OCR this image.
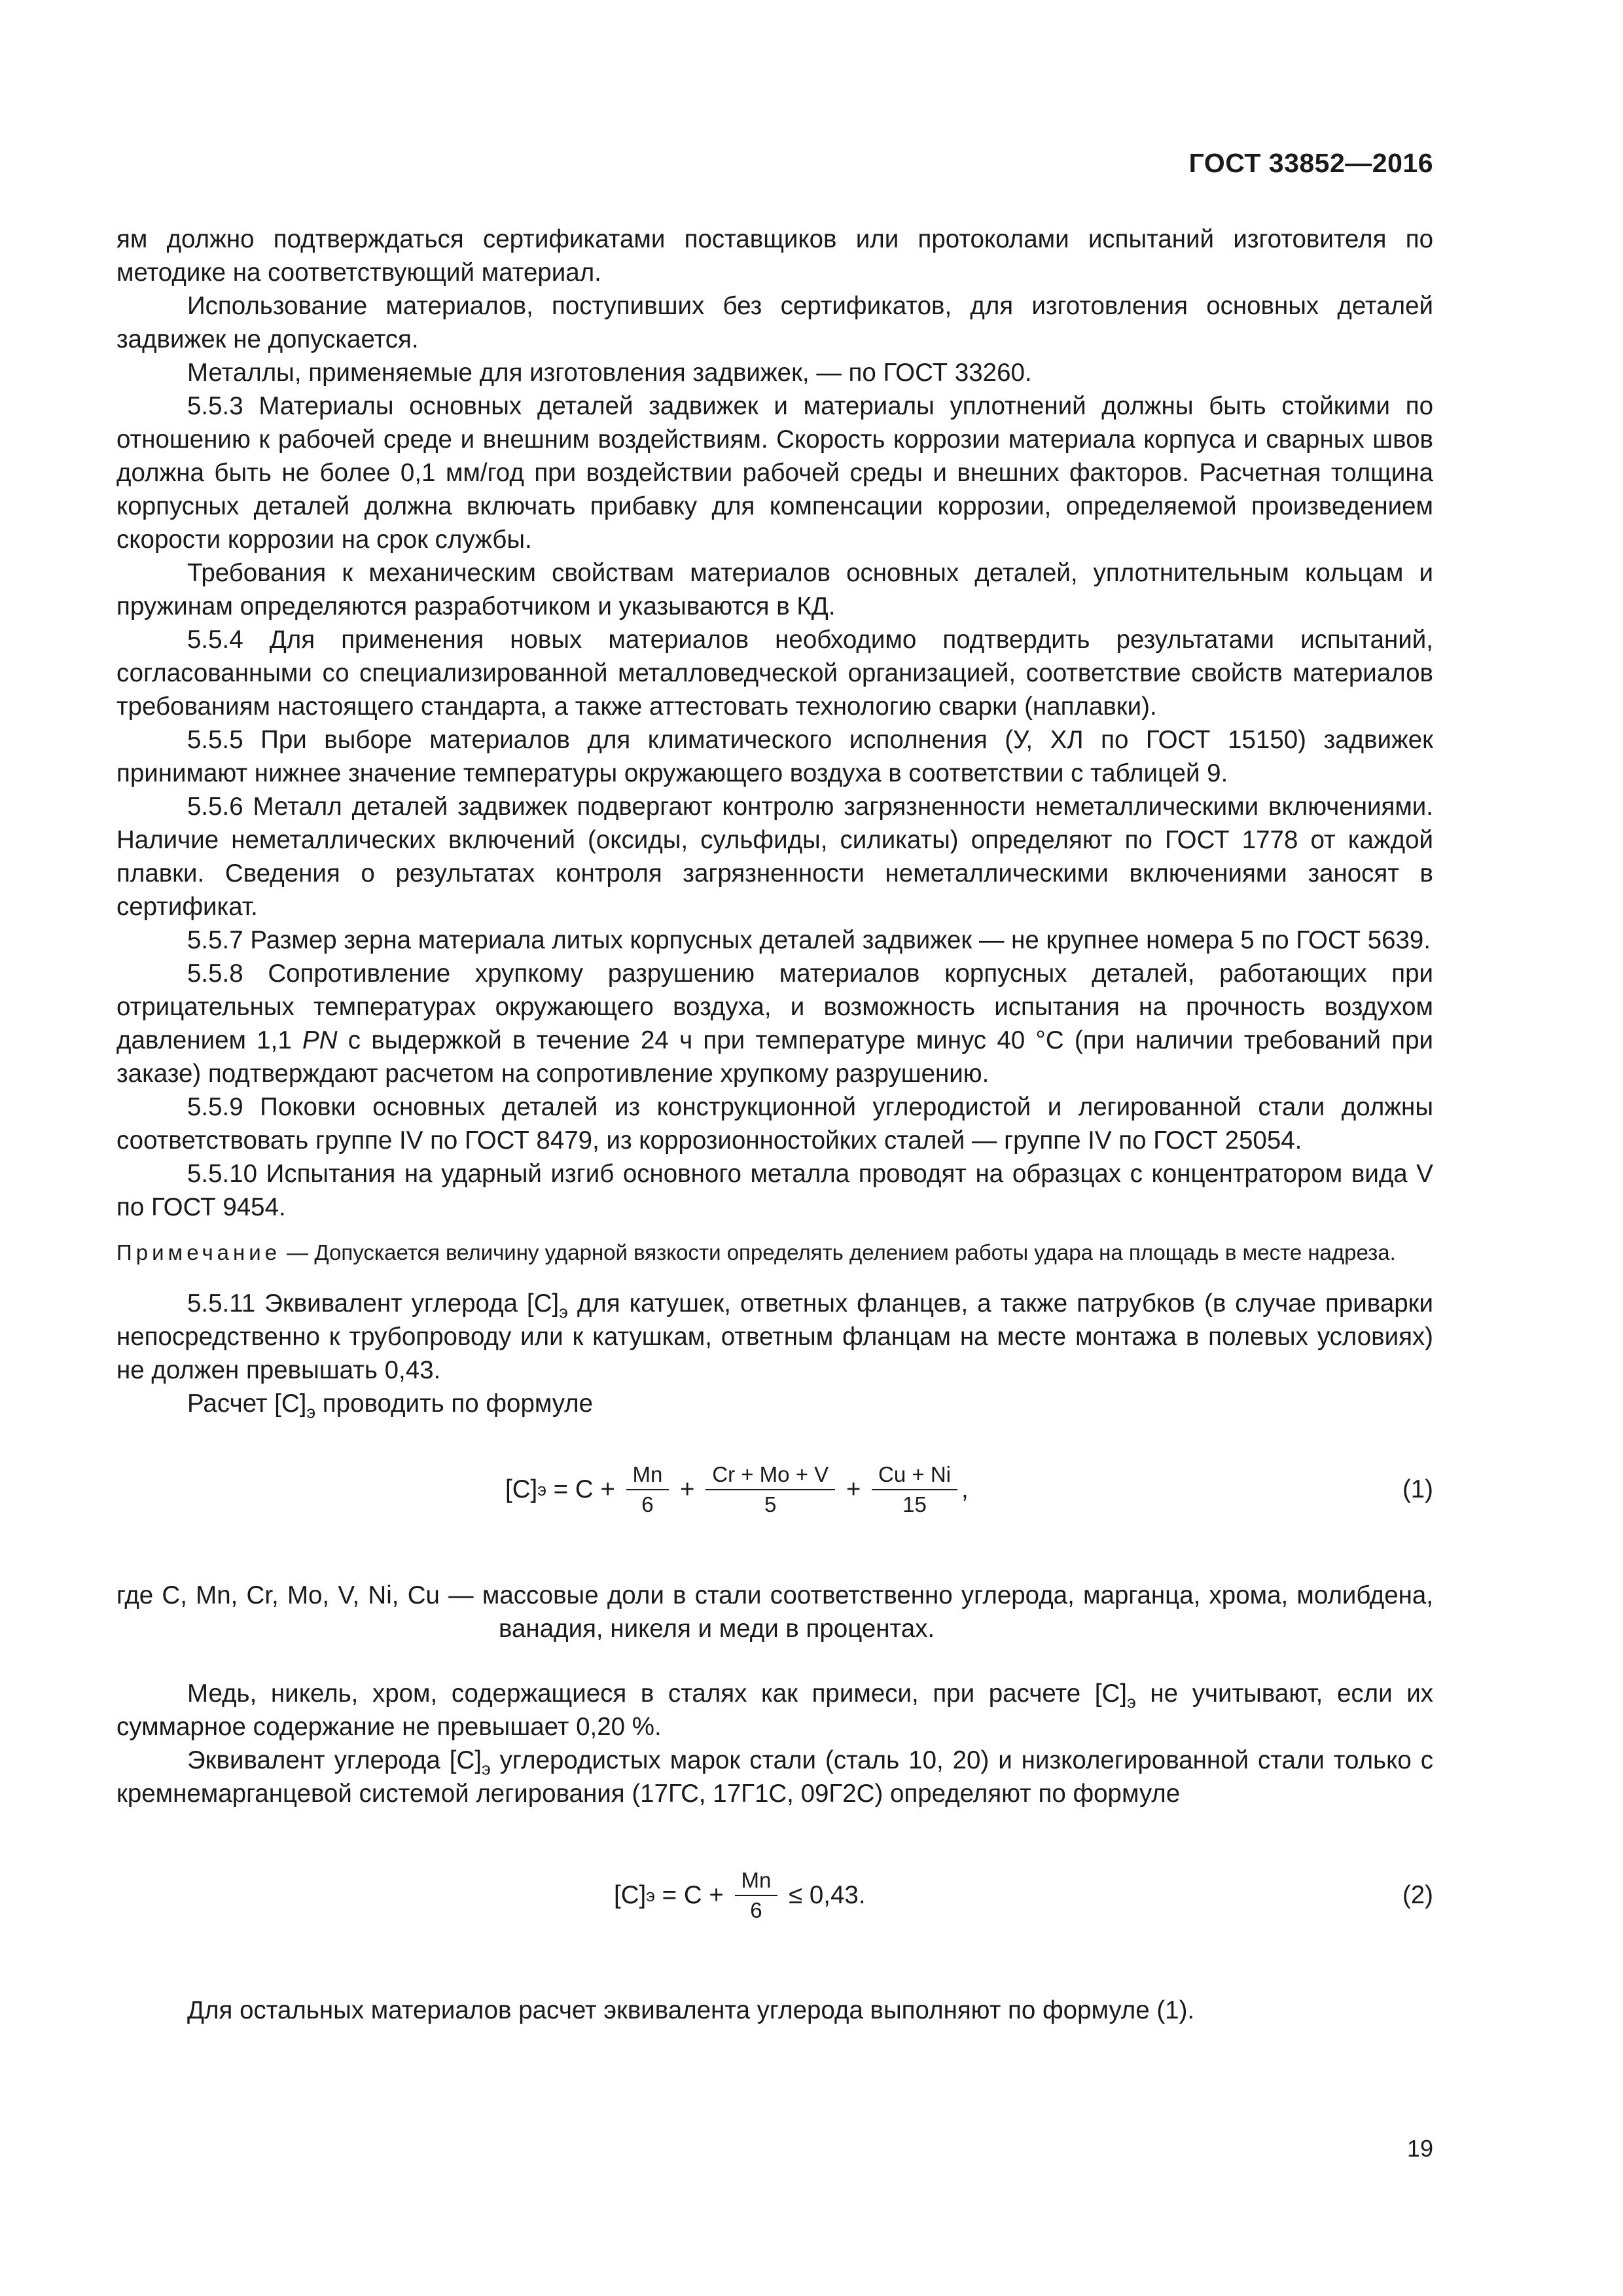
ГОСТ 33852—2016

ям должно подтверждаться сертификатами поставщиков или протоколами испытаний изготовителя по методике на соответствующий материал.

Использование материалов, поступивших без сертификатов, для изготовления основных деталей задвижек не допускается.

Металлы, применяемые для изготовления задвижек, — по ГОСТ 33260.

5.5.3 Материалы основных деталей задвижек и материалы уплотнений должны быть стойкими по отношению к рабочей среде и внешним воздействиям. Скорость коррозии материала корпуса и сварных швов должна быть не более 0,1 мм/год при воздействии рабочей среды и внешних факторов. Расчетная толщина корпусных деталей должна включать прибавку для компенсации коррозии, определяемой произведением скорости коррозии на срок службы.

Требования к механическим свойствам материалов основных деталей, уплотнительным кольцам и пружинам определяются разработчиком и указываются в КД.

5.5.4 Для применения новых материалов необходимо подтвердить результатами испытаний, согласованными со специализированной металловедческой организацией, соответствие свойств материалов требованиям настоящего стандарта, а также аттестовать технологию сварки (наплавки).

5.5.5 При выборе материалов для климатического исполнения (У, ХЛ по ГОСТ 15150) задвижек принимают нижнее значение температуры окружающего воздуха в соответствии с таблицей 9.

5.5.6 Металл деталей задвижек подвергают контролю загрязненности неметаллическими включениями. Наличие неметаллических включений (оксиды, сульфиды, силикаты) определяют по ГОСТ 1778 от каждой плавки. Сведения о результатах контроля загрязненности неметаллическими включениями заносят в сертификат.

5.5.7 Размер зерна материала литых корпусных деталей задвижек — не крупнее номера 5 по ГОСТ 5639.

5.5.8 Сопротивление хрупкому разрушению материалов корпусных деталей, работающих при отрицательных температурах окружающего воздуха, и возможность испытания на прочность воздухом давлением 1,1 PN с выдержкой в течение 24 ч при температуре минус 40 °С (при наличии требований при заказе) подтверждают расчетом на сопротивление хрупкому разрушению.

5.5.9 Поковки основных деталей из конструкционной углеродистой и легированной стали должны соответствовать группе IV по ГОСТ 8479, из коррозионностойких сталей — группе IV по ГОСТ 25054.

5.5.10 Испытания на ударный изгиб основного металла проводят на образцах с концентратором вида V по ГОСТ 9454.

Примечание — Допускается величину ударной вязкости определять делением работы удара на площадь в месте надреза.

5.5.11 Эквивалент углерода $[C]_э$ для катушек, ответных фланцев, а также патрубков (в случае приварки непосредственно к трубопроводу или к катушкам, ответным фланцам на месте монтажа в полевых условиях) не должен превышать 0,43.

Расчет $[C]_э$ проводить по формуле

[C] $э = C + \frac{Mn}{6} + \frac{Cr + Mo + V}{5} + \frac{Cu + Ni}{15}$ ,	(1)

где C, Mn, Cr, Mo, V, Ni, Cu — массовые доли в стали соответственно углерода, марганца, хрома, молибдена, ванадия, никеля и меди в процентах.

Медь, никель, хром, содержащиеся в сталях как примеси, при расчете $[C]_э$ не учитывают, если их суммарное содержание не превышает 0,20 %.

Эквивалент углерода $[C]_э$ углеродистых марок стали (сталь 10, 20) и низколегированной стали только с кремнемарганцевой системой легирования (17ГС, 17Г1С, 09Г2С) определяют по формуле

[C] $э = C + \frac{Mn}{6} \le 0,43$.	(2)

Для остальных материалов расчет эквивалента углерода выполняют по формуле (1).

19
